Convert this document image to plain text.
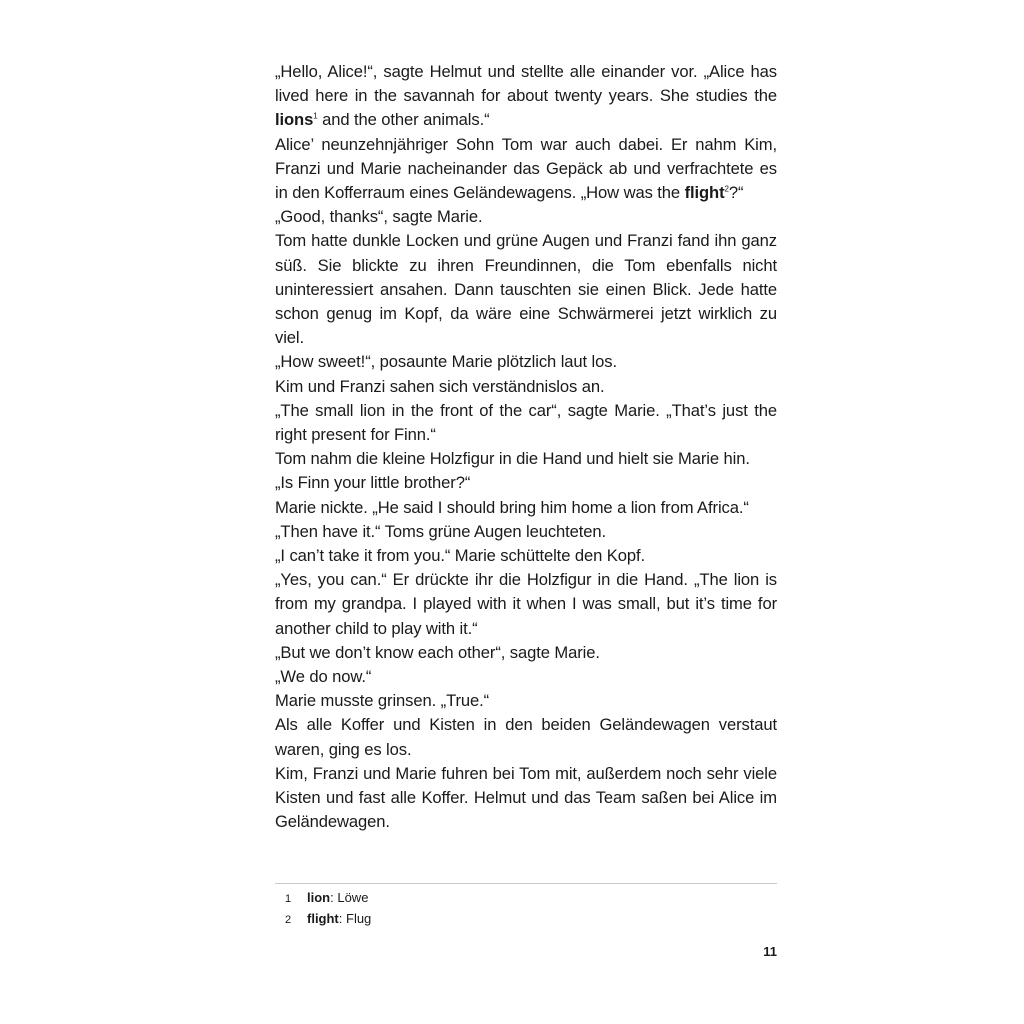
„Hello, Alice!“, sagte Helmut und stellte alle einander vor. „Alice has lived here in the savannah for about twenty years. She studies the lions$^1$ and the other animals.“

Alice’ neunzehnjähriger Sohn Tom war auch dabei. Er nahm Kim, Franzi und Marie nacheinander das Gepäck ab und verfrachtete es in den Kofferraum eines Geländewagens. „How was the flight$^2$?“

„Good, thanks“, sagte Marie.

Tom hatte dunkle Locken und grüne Augen und Franzi fand ihn ganz süß. Sie blickte zu ihren Freundinnen, die Tom ebenfalls nicht uninteressiert ansahen. Dann tauschten sie einen Blick. Jede hatte schon genug im Kopf, da wäre eine Schwärmerei jetzt wirklich zu viel.

„How sweet!“, posaunte Marie plötzlich laut los.

Kim und Franzi sahen sich verständnislos an.

„The small lion in the front of the car“, sagte Marie. „That’s just the right present for Finn.“

Tom nahm die kleine Holzfigur in die Hand und hielt sie Marie hin.

„Is Finn your little brother?“

Marie nickte. „He said I should bring him home a lion from Africa.“

„Then have it.“ Toms grüne Augen leuchteten.

„I can’t take it from you.“ Marie schüttelte den Kopf.

„Yes, you can.“ Er drückte ihr die Holzfigur in die Hand. „The lion is from my grandpa. I played with it when I was small, but it’s time for another child to play with it.“

„But we don’t know each other“, sagte Marie.

„We do now.“

Marie musste grinsen. „True.“

Als alle Koffer und Kisten in den beiden Geländewagen verstaut waren, ging es los.

Kim, Franzi und Marie fuhren bei Tom mit, außerdem noch sehr viele Kisten und fast alle Koffer. Helmut und das Team saßen bei Alice im Geländewagen.

1	lion: Löwe
2	flight: Flug
11
